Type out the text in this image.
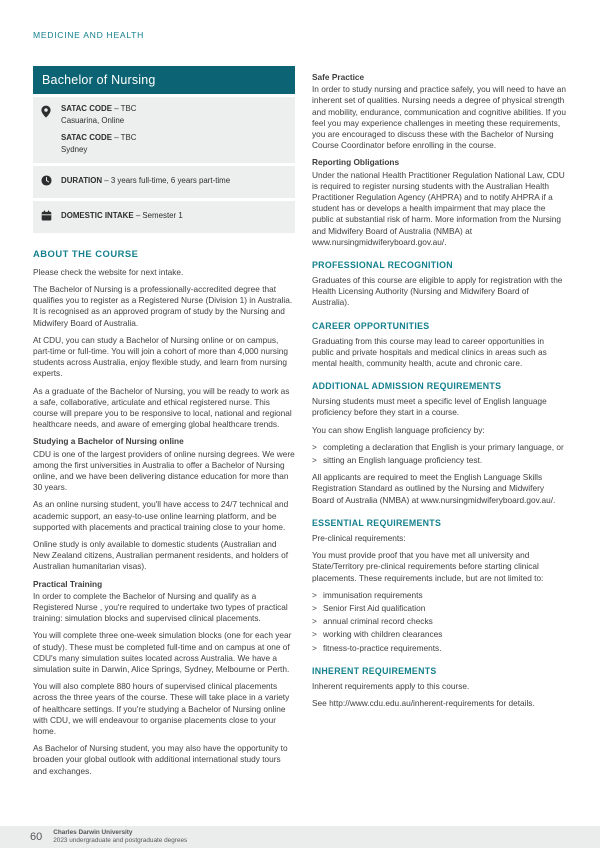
MEDICINE AND HEALTH
Bachelor of Nursing
SATAC CODE – TBC
Casuarina, Online
SATAC CODE – TBC
Sydney
DURATION – 3 years full-time, 6 years part-time
DOMESTIC INTAKE – Semester 1
ABOUT THE COURSE

Please check the website for next intake.

The Bachelor of Nursing is a professionally-accredited degree that qualifies you to register as a Registered Nurse (Division 1) in Australia. It is recognised as an approved program of study by the Nursing and Midwifery Board of Australia.

At CDU, you can study a Bachelor of Nursing online or on campus, part-time or full-time. You will join a cohort of more than 4,000 nursing students across Australia, enjoy flexible study, and learn from nursing experts.

As a graduate of the Bachelor of Nursing, you will be ready to work as a safe, collaborative, articulate and ethical registered nurse. This course will prepare you to be responsive to local, national and regional healthcare needs, and aware of emerging global healthcare trends.

Studying a Bachelor of Nursing online

CDU is one of the largest providers of online nursing degrees. We were among the first universities in Australia to offer a Bachelor of Nursing online, and we have been delivering distance education for more than 30 years.

As an online nursing student, you'll have access to 24/7 technical and academic support, an easy-to-use online learning platform, and be supported with placements and practical training close to your home.

Online study is only available to domestic students (Australian and New Zealand citizens, Australian permanent residents, and holders of Australian humanitarian visas).

Practical Training

In order to complete the Bachelor of Nursing and qualify as a Registered Nurse , you're required to undertake two types of practical training: simulation blocks and supervised clinical placements.

You will complete three one-week simulation blocks (one for each year of study). These must be completed full-time and on campus at one of CDU's many simulation suites located across Australia. We have a simulation suite in Darwin, Alice Springs, Sydney, Melbourne or Perth.

You will also complete 880 hours of supervised clinical placements across the three years of the course. These will take place in a variety of healthcare settings. If you're studying a Bachelor of Nursing online with CDU, we will endeavour to organise placements close to your home.

As Bachelor of Nursing student, you may also have the opportunity to broaden your global outlook with additional international study tours and exchanges.

Safe Practice

In order to study nursing and practice safely, you will need to have an inherent set of qualities. Nursing needs a degree of physical strength and mobility, endurance, communication and cognitive abilities. If you feel you may experience challenges in meeting these requirements, you are encouraged to discuss these with the Bachelor of Nursing Course Coordinator before enrolling in the course.

Reporting Obligations

Under the national Health Practitioner Regulation National Law, CDU is required to register nursing students with the Australian Health Practitioner Regulation Agency (AHPRA) and to notify AHPRA if a student has or develops a health impairment that may place the public at substantial risk of harm. More information from the Nursing and Midwifery Board of Australia (NMBA) at www.nursingmidwiferyboard.gov.au/.

PROFESSIONAL RECOGNITION

Graduates of this course are eligible to apply for registration with the Health Licensing Authority (Nursing and Midwifery Board of Australia).

CAREER OPPORTUNITIES

Graduating from this course may lead to career opportunities in public and private hospitals and medical clinics in areas such as mental health, community health, acute and chronic care.

ADDITIONAL ADMISSION REQUIREMENTS

Nursing students must meet a specific level of English language proficiency before they start in a course.

You can show English language proficiency by:

> completing a declaration that English is your primary language, or
> sitting an English language proficiency test.

All applicants are required to meet the English Language Skills Registration Standard as outlined by the Nursing and Midwifery Board of Australia (NMBA) at www.nursingmidwiferyboard.gov.au/.

ESSENTIAL REQUIREMENTS

Pre-clinical requirements:

You must provide proof that you have met all university and State/Territory pre-clinical requirements before starting clinical placements. These requirements include, but are not limited to:

> immunisation requirements
> Senior First Aid qualification
> annual criminal record checks
> working with children clearances
> fitness-to-practice requirements.
INHERENT REQUIREMENTS

Inherent requirements apply to this course.

See http://www.cdu.edu.au/inherent-requirements for details.

60 Charles Darwin University
2023 undergraduate and postgraduate degrees
